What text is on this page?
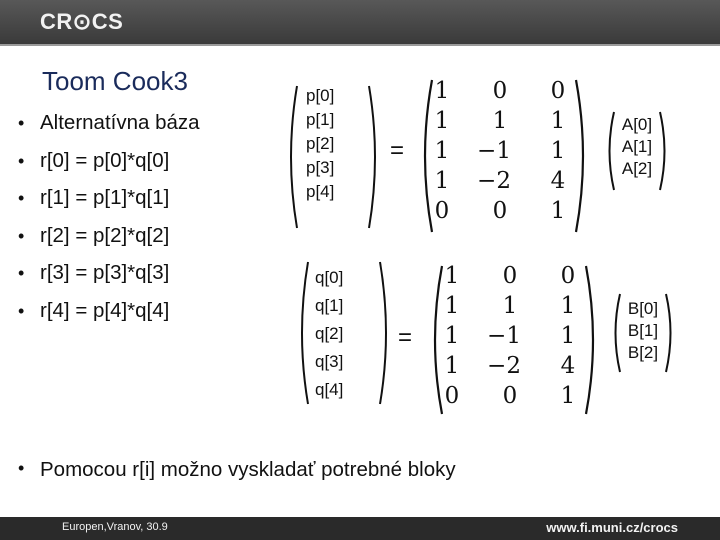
CR⊙CS
Toom Cook3
• Alternatívna báza
• r[0] = p[0]*q[0]
• r[1] = p[1]*q[1]
• r[2] = p[2]*q[2]
• r[3] = p[3]*q[3]
• r[4] = p[4]*q[4]
p[0]
p[1]
p[2]
p[3]
p[4]
=
1	0	0
1	1	1
1	−1	1
1	−2	4
0	0	1
A[0]
A[1]
A[2]
q[0]
q[1]
q[2]
q[3]
q[4]
=
1	0	0
1	1	1
1	−1	1
1	−2	4
0	0	1
B[0]
B[1]
B[2]
• Pomocou r[i] možno vyskladať potrebné bloky
Europen,Vranov, 30.9	www.fi.muni.cz/crocs
